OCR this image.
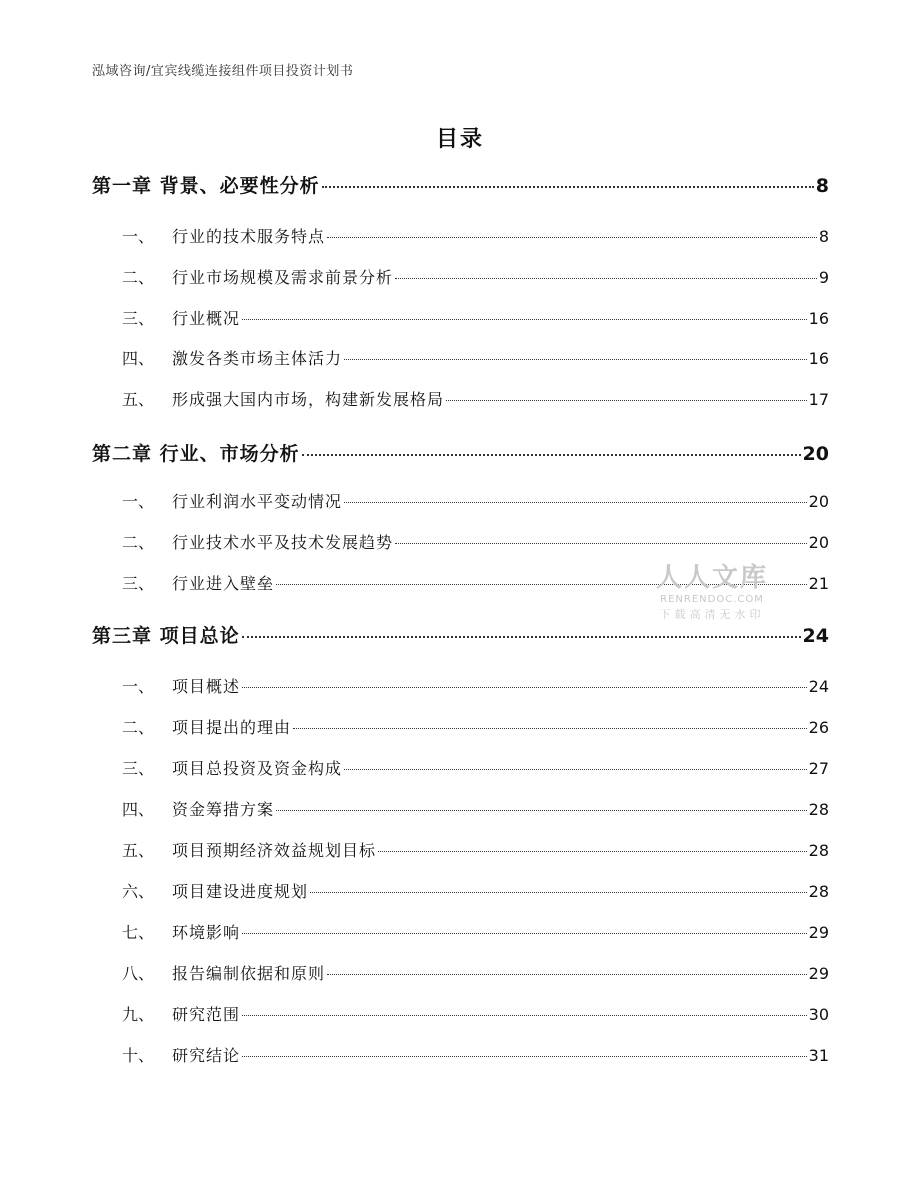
泓域咨询/宜宾线缆连接组件项目投资计划书
目录
第一章 背景、必要性分析	8
一、	行业的技术服务特点	8
二、	行业市场规模及需求前景分析	9
三、	行业概况	16
四、	激发各类市场主体活力	16
五、	形成强大国内市场，构建新发展格局	17
第二章 行业、市场分析	20
一、	行业利润水平变动情况	20
二、	行业技术水平及技术发展趋势	20
三、	行业进入壁垒	21
第三章 项目总论	24
一、	项目概述	24
二、	项目提出的理由	26
三、	项目总投资及资金构成	27
四、	资金筹措方案	28
五、	项目预期经济效益规划目标	28
六、	项目建设进度规划	28
七、	环境影响	29
八、	报告编制依据和原则	29
九、	研究范围	30
十、	研究结论	31
人人文库
RENRENDOC.COM
下载高清无水印
